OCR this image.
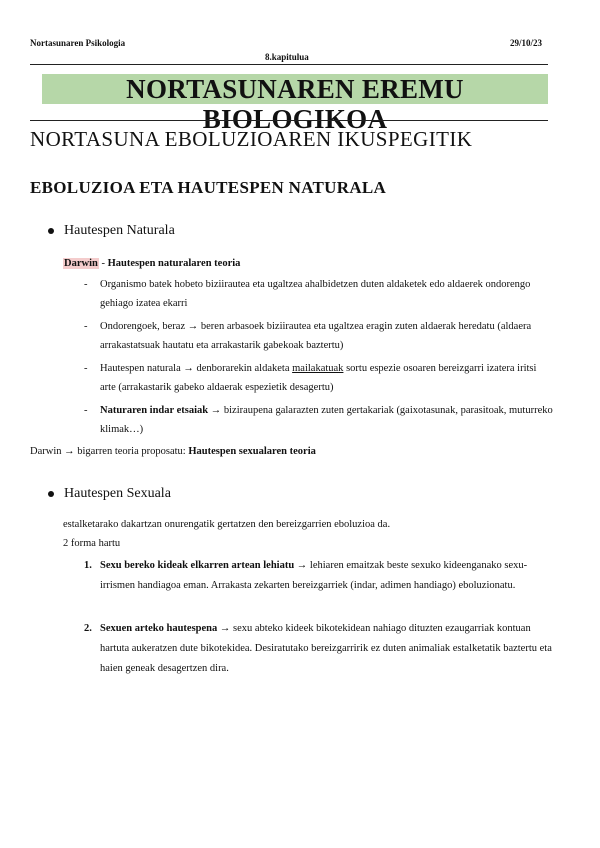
Nortasunaren Psikologia	29/10/23
8.kapitulua
NORTASUNAREN EREMU BIOLOGIKOA
NORTASUNA EBOLUZIOAREN IKUSPEGITIK
EBOLUZIOA ETA HAUTESPEN NATURALA
Hautespen Naturala
Darwin - Hautespen naturalaren teoria
- Organismo batek hobeto biziirautea eta ugaltzea ahalbidetzen duten aldaketek edo aldaerek ondorengo gehiago izatea ekarri
- Ondorengoek, beraz → beren arbasoek biziirautea eta ugaltzea eragin zuten aldaerak heredatu (aldaera arrakastatsuak hautatu eta arrakastarik gabekoak baztertu)
- Hautespen naturala → denborarekin aldaketa mailakatuak sortu espezie osoaren bereizgarri izatera iritsi arte (arrakastarik gabeko aldaerak espezietik desagertu)
- Naturaren indar etsaiak → biziraupena galarazten zuten gertakariak (gaixotasunak, parasitoak, muturreko klimak…)
Darwin → bigarren teoria proposatu: Hautespen sexualaren teoria
Hautespen Sexuala
estalketarako dakartzan onurengatik gertatzen den bereizgarrien eboluzioa da.
2 forma hartu
1. Sexu bereko kideak elkarren artean lehiatu → lehiaren emaitzak beste sexuko kideenganako sexu-irrismen handiagoa eman. Arrakasta zekarten bereizgarriek (indar, adimen handiago) eboluzionatu.
2. Sexuen arteko hautespena → sexu abteko kideek bikotekidean nahiago dituzten ezaugarriak kontuan hartuta aukeratzen dute bikotekidea. Desiratutako bereizgarririk ez duten animaliak estalketatik baztertu eta haien geneak desagertzen dira.
